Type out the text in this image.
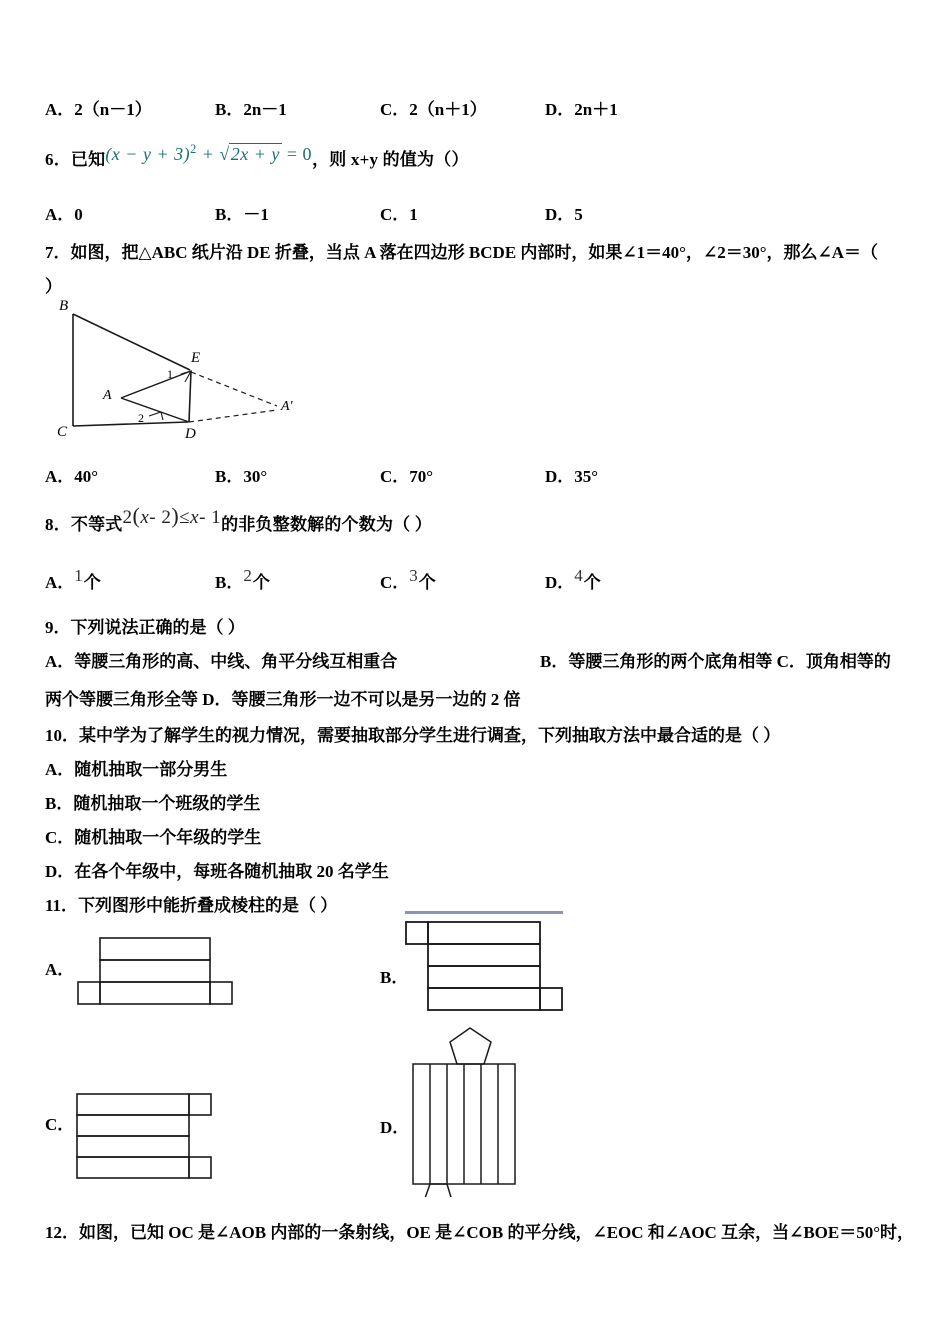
A．2（n－1）	B．2n－1	C．2（n＋1）	D．2n＋1
6．已知$(x - y + 3)^2 + √2x + y = 0$，则 x+y 的值为（）
A．0	B．－1	C．1	D．5
7．如图，把△ABC 纸片沿 DE 折叠，当点 A 落在四边形 BCDE 内部时，如果∠1＝40°，∠2＝30°，那么∠A＝（
）
B
C
A
E
D
A'
1
2
A．40°	B．30°	C．70°	D．35°
8．不等式2(x- 2)≤x- 1的非负整数解的个数为（ ）
A．1个	B．2个	C．3个	D．4个
9．下列说法正确的是（ ）
A．等腰三角形的高、中线、角平分线互相重合	B．等腰三角形的两个底角相等 C．顶角相等的
两个等腰三角形全等 D．等腰三角形一边不可以是另一边的 2 倍
10．某中学为了解学生的视力情况，需要抽取部分学生进行调查，下列抽取方法中最合适的是（ ）
A．随机抽取一部分男生
B．随机抽取一个班级的学生
C．随机抽取一个年级的学生
D．在各个年级中，每班各随机抽取 20 名学生
11．下列图形中能折叠成棱柱的是（ ）
A．	B．
C．	D．
12．如图，已知 OC 是∠AOB 内部的一条射线，OE 是∠COB 的平分线，∠EOC 和∠AOC 互余，当∠BOE＝50°时，
